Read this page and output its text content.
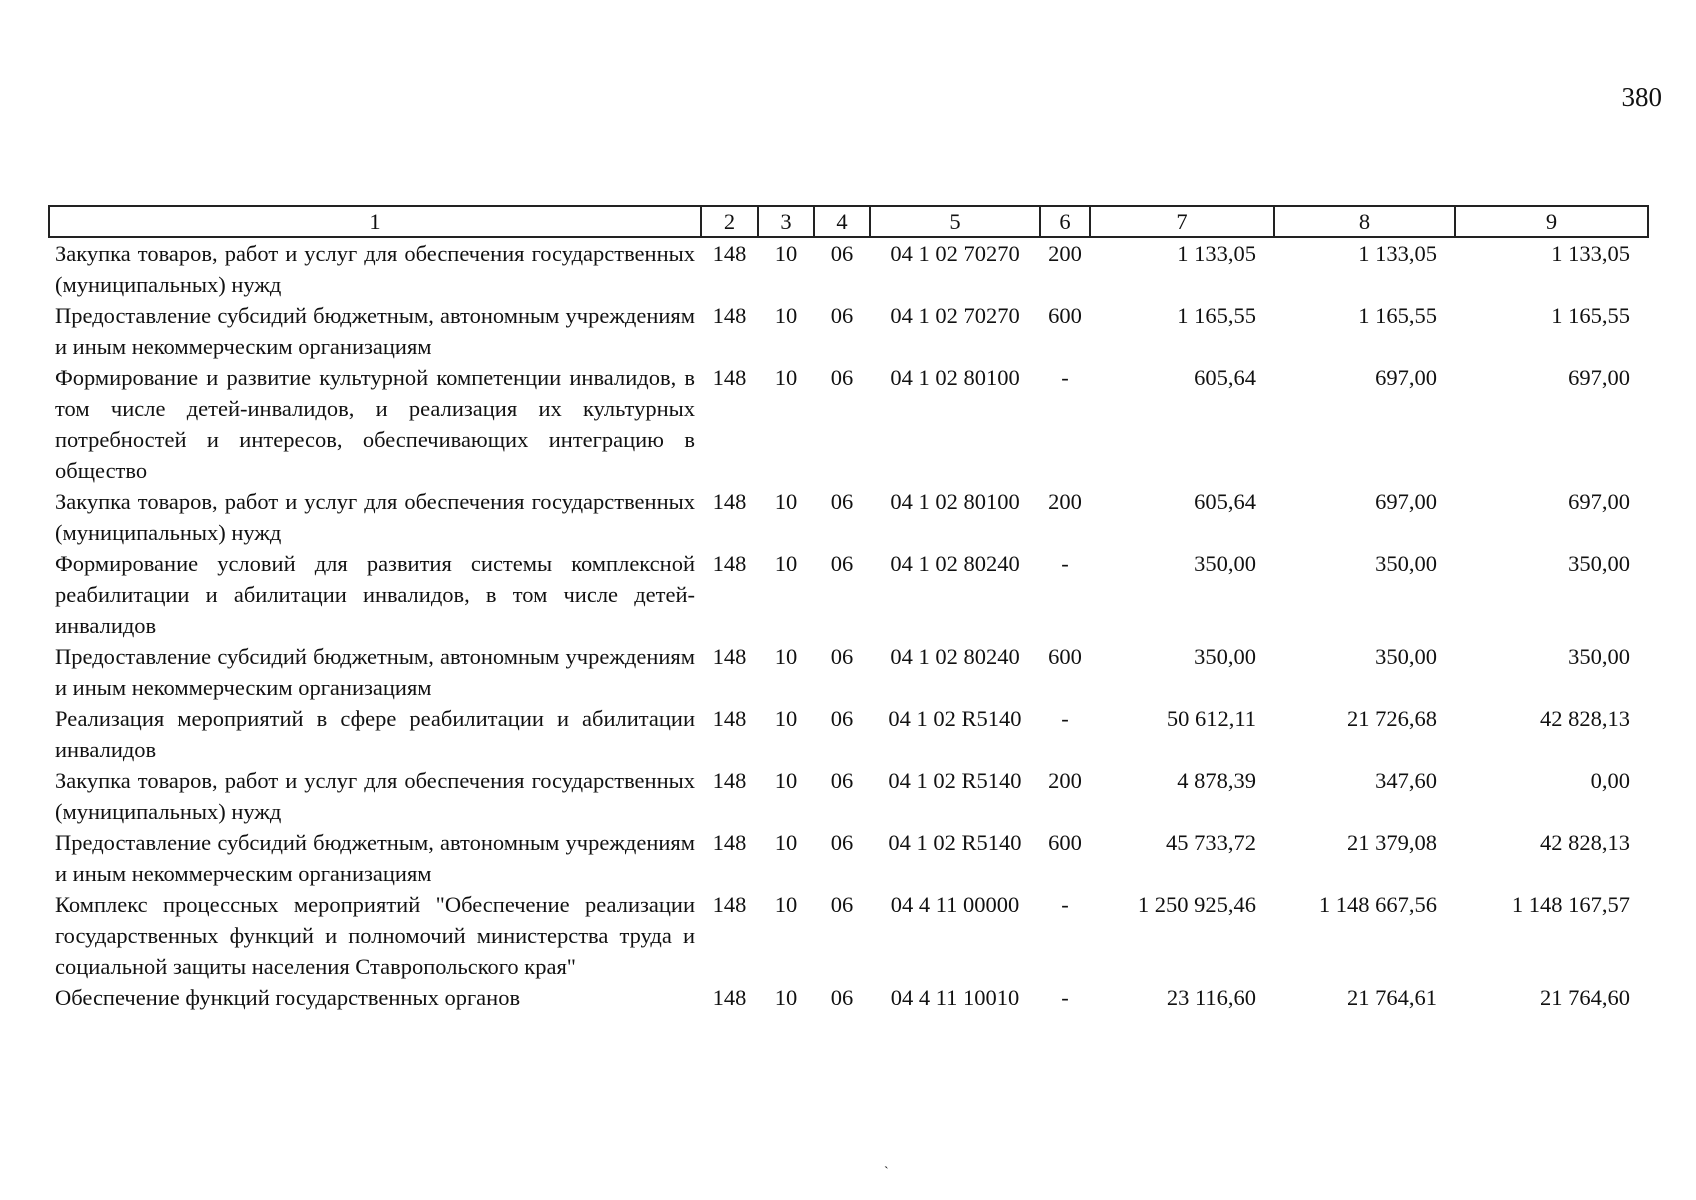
380
1	2	3	4	5	6	7	8	9
Закупка товаров, работ и услуг для обеспечения государственных (муниципальных) нужд	148	10	06	04 1 02 70270	200	1 133,05	1 133,05	1 133,05
Предоставление субсидий бюджетным, автономным учреждениям и иным некоммерческим организациям	148	10	06	04 1 02 70270	600	1 165,55	1 165,55	1 165,55
Формирование и развитие культурной компетенции инвалидов, в том числе детей-инвалидов, и реализация их культурных потребностей и интересов, обеспечивающих интеграцию в общество	148	10	06	04 1 02 80100	-	605,64	697,00	697,00
Закупка товаров, работ и услуг для обеспечения государственных (муниципальных) нужд	148	10	06	04 1 02 80100	200	605,64	697,00	697,00
Формирование условий для развития системы комплексной реабилитации и абилитации инвалидов, в том числе детей-инвалидов	148	10	06	04 1 02 80240	-	350,00	350,00	350,00
Предоставление субсидий бюджетным, автономным учреждениям и иным некоммерческим организациям	148	10	06	04 1 02 80240	600	350,00	350,00	350,00
Реализация мероприятий в сфере реабилитации и абилитации инвалидов	148	10	06	04 1 02 R5140	-	50 612,11	21 726,68	42 828,13
Закупка товаров, работ и услуг для обеспечения государственных (муниципальных) нужд	148	10	06	04 1 02 R5140	200	4 878,39	347,60	0,00
Предоставление субсидий бюджетным, автономным учреждениям и иным некоммерческим организациям	148	10	06	04 1 02 R5140	600	45 733,72	21 379,08	42 828,13
Комплекс процессных мероприятий "Обеспечение реализации государственных функций и полномочий министерства труда и социальной защиты населения Ставропольского края"	148	10	06	04 4 11 00000	-	1 250 925,46	1 148 667,56	1 148 167,57
Обеспечение функций государственных органов	148	10	06	04 4 11 10010	-	23 116,60	21 764,61	21 764,60
`
